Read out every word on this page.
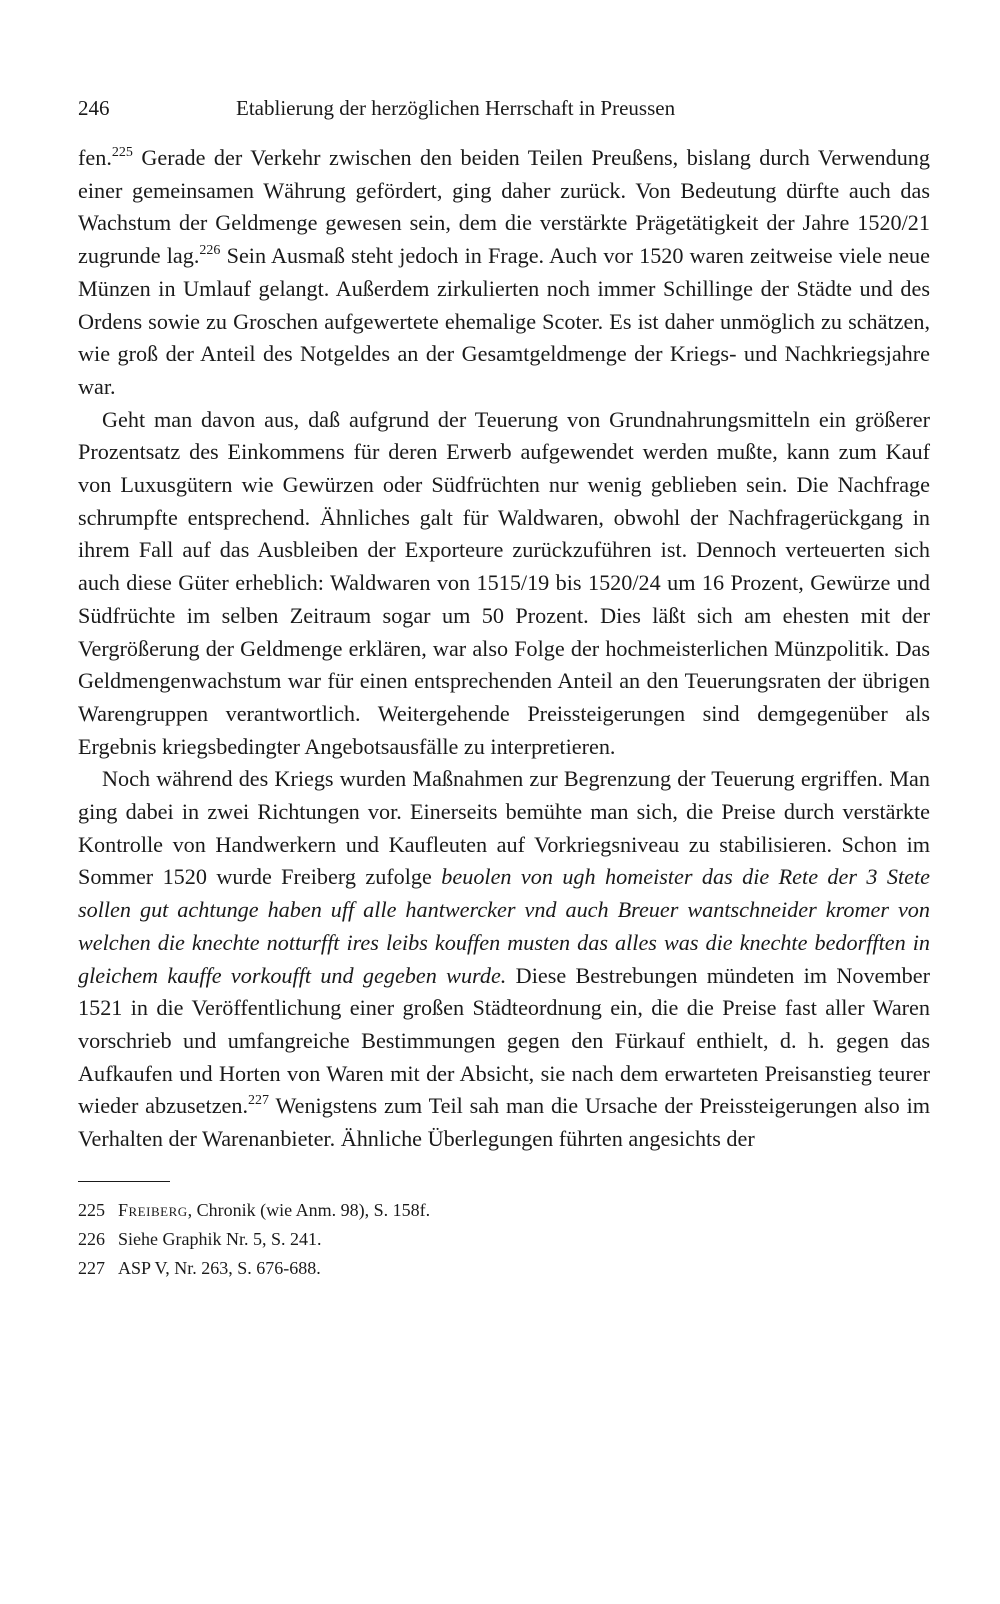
246	Etablierung der herzöglichen Herrschaft in Preussen

fen.$^{225}$ Gerade der Verkehr zwischen den beiden Teilen Preußens, bislang durch Verwendung einer gemeinsamen Währung gefördert, ging daher zurück. Von Bedeutung dürfte auch das Wachstum der Geldmenge gewesen sein, dem die verstärkte Prägetätigkeit der Jahre 1520/21 zugrunde lag.$^{226}$ Sein Ausmaß steht jedoch in Frage. Auch vor 1520 waren zeitweise viele neue Münzen in Umlauf gelangt. Außerdem zirkulierten noch immer Schillinge der Städte und des Ordens sowie zu Groschen aufgewertete ehemalige Scoter. Es ist daher unmöglich zu schätzen, wie groß der Anteil des Notgeldes an der Gesamtgeldmenge der Kriegs- und Nachkriegsjahre war.

Geht man davon aus, daß aufgrund der Teuerung von Grundnahrungsmitteln ein größerer Prozentsatz des Einkommens für deren Erwerb aufgewendet werden mußte, kann zum Kauf von Luxusgütern wie Gewürzen oder Südfrüchten nur wenig geblieben sein. Die Nachfrage schrumpfte entsprechend. Ähnliches galt für Waldwaren, obwohl der Nachfragerückgang in ihrem Fall auf das Ausbleiben der Exporteure zurückzuführen ist. Dennoch verteuerten sich auch diese Güter erheblich: Waldwaren von 1515/19 bis 1520/24 um 16 Prozent, Gewürze und Südfrüchte im selben Zeitraum sogar um 50 Prozent. Dies läßt sich am ehesten mit der Vergrößerung der Geldmenge erklären, war also Folge der hochmeisterlichen Münzpolitik. Das Geldmengenwachstum war für einen entsprechenden Anteil an den Teuerungsraten der übrigen Warengruppen verantwortlich. Weitergehende Preissteigerungen sind demgegenüber als Ergebnis kriegsbedingter Angebotsausfälle zu interpretieren.

Noch während des Kriegs wurden Maßnahmen zur Begrenzung der Teuerung ergriffen. Man ging dabei in zwei Richtungen vor. Einerseits bemühte man sich, die Preise durch verstärkte Kontrolle von Handwerkern und Kaufleuten auf Vorkriegsniveau zu stabilisieren. Schon im Sommer 1520 wurde Freiberg zufolge beuolen von ugh homeister das die Rete der 3 Stete sollen gut achtunge haben uff alle hantwercker vnd auch Breuer wantschneider kromer von welchen die knechte notturfft ires leibs kouffen musten das alles was die knechte bedorfften in gleichem kauffe vorkoufft und gegeben wurde. Diese Bestrebungen mündeten im November 1521 in die Veröffentlichung einer großen Städteordnung ein, die die Preise fast aller Waren vorschrieb und umfangreiche Bestimmungen gegen den Fürkauf enthielt, d. h. gegen das Aufkaufen und Horten von Waren mit der Absicht, sie nach dem erwarteten Preisanstieg teurer wieder abzusetzen.$^{227}$ Wenigstens zum Teil sah man die Ursache der Preissteigerungen also im Verhalten der Warenanbieter. Ähnliche Überlegungen führten angesichts der

225 Freiberg, Chronik (wie Anm. 98), S. 158f.
226 Siehe Graphik Nr. 5, S. 241.
227 ASP V, Nr. 263, S. 676-688.
